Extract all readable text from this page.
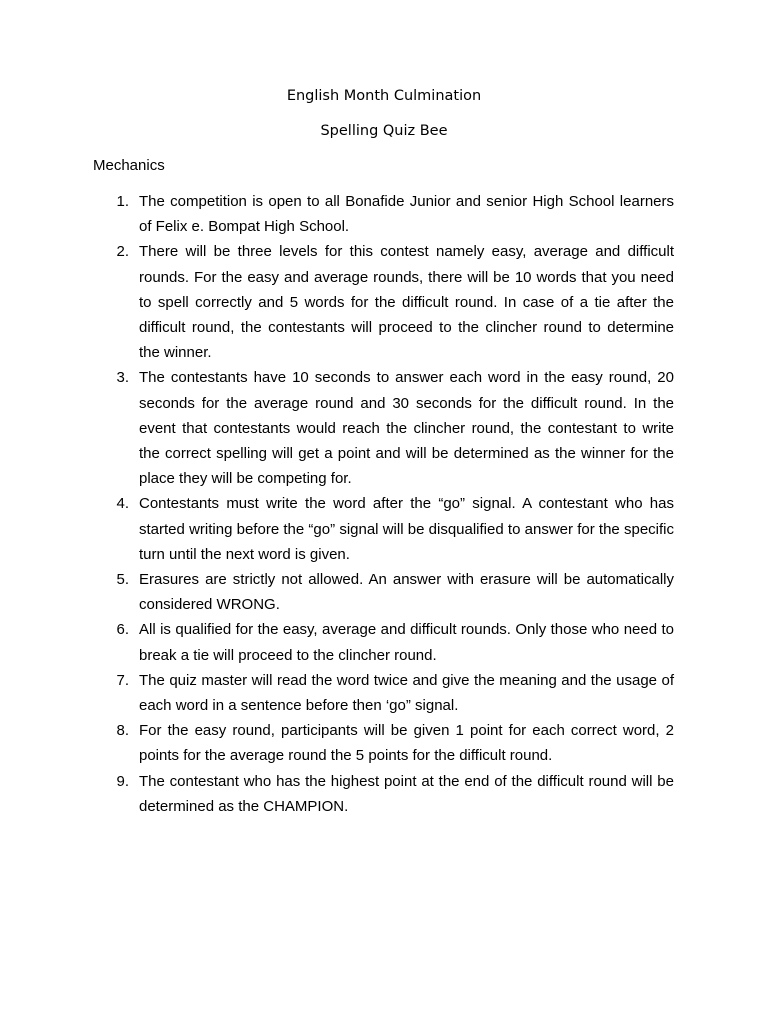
English Month Culmination
Spelling Quiz Bee
Mechanics
1. The competition is open to all Bonafide Junior and senior High School learners of Felix e. Bompat High School.
2. There will be three levels for this contest namely easy, average and difficult rounds. For the easy and average rounds, there will be 10 words that you need to spell correctly and 5 words for the difficult round. In case of a tie after the difficult round, the contestants will proceed to the clincher round to determine the winner.
3. The contestants have 10 seconds to answer each word in the easy round, 20 seconds for the average round and 30 seconds for the difficult round. In the event that contestants would reach the clincher round, the contestant to write the correct spelling will get a point and will be determined as the winner for the place they will be competing for.
4. Contestants must write the word after the “go” signal. A contestant who has started writing before the “go” signal will be disqualified to answer for the specific turn until the next word is given.
5. Erasures are strictly not allowed. An answer with erasure will be automatically considered WRONG.
6. All is qualified for the easy, average and difficult rounds. Only those who need to break a tie will proceed to the clincher round.
7. The quiz master will read the word twice and give the meaning and the usage of each word in a sentence before then ‘go” signal.
8. For the easy round, participants will be given 1 point for each correct word, 2 points for the average round the 5 points for the difficult round.
9. The contestant who has the highest point at the end of the difficult round will be determined as the CHAMPION.
